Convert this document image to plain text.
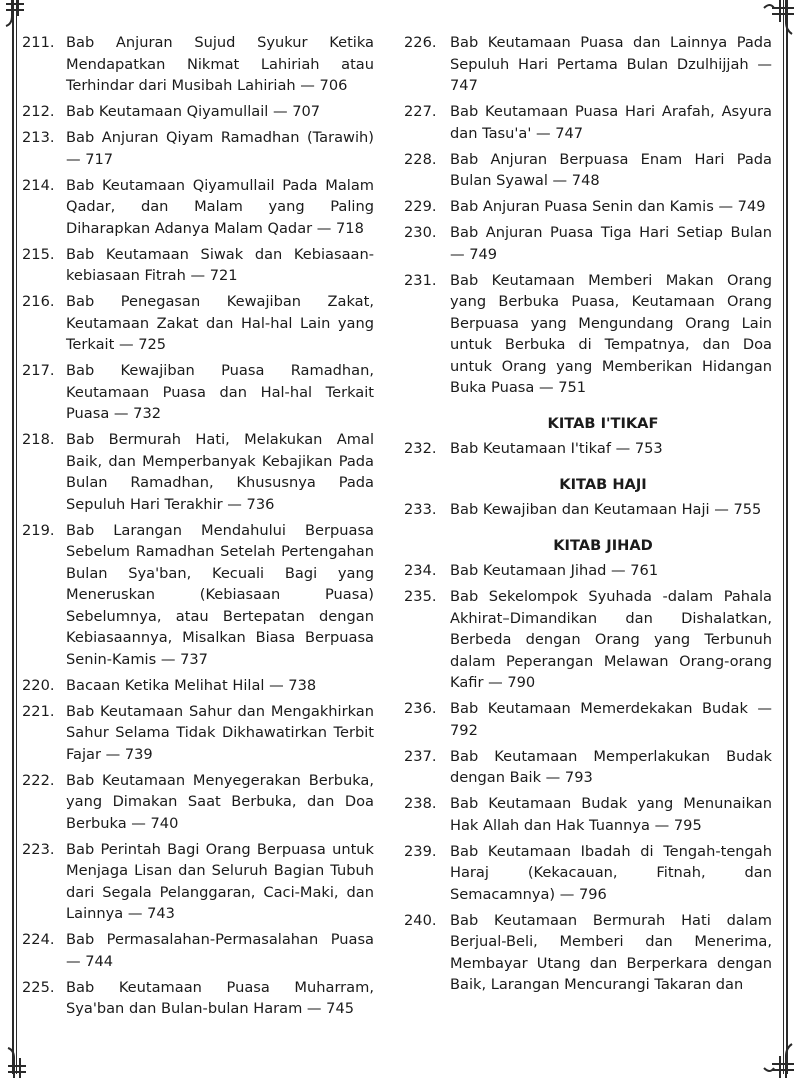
211. Bab Anjuran Sujud Syukur Ketika Mendapatkan Nikmat Lahiriah atau Terhindar dari Musibah Lahiriah — 706
212. Bab Keutamaan Qiyamullail — 707
213. Bab Anjuran Qiyam Ramadhan (Tarawih) — 717
214. Bab Keutamaan Qiyamullail Pada Malam Qadar, dan Malam yang Paling Diharapkan Adanya Malam Qadar — 718
215. Bab Keutamaan Siwak dan Kebiasaan-kebiasaan Fitrah — 721
216. Bab Penegasan Kewajiban Zakat, Keutamaan Zakat dan Hal-hal Lain yang Terkait — 725
217. Bab Kewajiban Puasa Ramadhan, Keutamaan Puasa dan Hal-hal Terkait Puasa — 732
218. Bab Bermurah Hati, Melakukan Amal Baik, dan Memperbanyak Kebajikan Pada Bulan Ramadhan, Khususnya Pada Sepuluh Hari Terakhir — 736
219. Bab Larangan Mendahului Berpuasa Sebelum Ramadhan Setelah Pertengahan Bulan Sya'ban, Kecuali Bagi yang Meneruskan (Kebiasaan Puasa) Sebelumnya, atau Bertepatan dengan Kebiasaannya, Misalkan Biasa Berpuasa Senin-Kamis — 737
220. Bacaan Ketika Melihat Hilal — 738
221. Bab Keutamaan Sahur dan Mengakhirkan Sahur Selama Tidak Dikhawatirkan Terbit Fajar — 739
222. Bab Keutamaan Menyegerakan Berbuka, yang Dimakan Saat Berbuka, dan Doa Berbuka — 740
223. Bab Perintah Bagi Orang Berpuasa untuk Menjaga Lisan dan Seluruh Bagian Tubuh dari Segala Pelanggaran, Caci-Maki, dan Lainnya — 743
224. Bab Permasalahan-Permasalahan Puasa — 744
225. Bab Keutamaan Puasa Muharram, Sya'ban dan Bulan-bulan Haram — 745
226. Bab Keutamaan Puasa dan Lainnya Pada Sepuluh Hari Pertama Bulan Dzulhijjah — 747
227. Bab Keutamaan Puasa Hari Arafah, Asyura dan Tasu'a' — 747
228. Bab Anjuran Berpuasa Enam Hari Pada Bulan Syawal — 748
229. Bab Anjuran Puasa Senin dan Kamis — 749
230. Bab Anjuran Puasa Tiga Hari Setiap Bulan — 749
231. Bab Keutamaan Memberi Makan Orang yang Berbuka Puasa, Keutamaan Orang Berpuasa yang Mengundang Orang Lain untuk Berbuka di Tempatnya, dan Doa untuk Orang yang Memberikan Hidangan Buka Puasa — 751
KITAB I'TIKAF
232. Bab Keutamaan I'tikaf — 753
KITAB HAJI
233. Bab Kewajiban dan Keutamaan Haji — 755
KITAB JIHAD
234. Bab Keutamaan Jihad — 761
235. Bab Sekelompok Syuhada -dalam Pahala Akhirat–Dimandikan dan Dishalatkan, Berbeda dengan Orang yang Terbunuh dalam Peperangan Melawan Orang-orang Kafir — 790
236. Bab Keutamaan Memerdekakan Budak — 792
237. Bab Keutamaan Memperlakukan Budak dengan Baik — 793
238. Bab Keutamaan Budak yang Menunaikan Hak Allah dan Hak Tuannya — 795
239. Bab Keutamaan Ibadah di Tengah-tengah Haraj (Kekacauan, Fitnah, dan Semacamnya) — 796
240. Bab Keutamaan Bermurah Hati dalam Berjual-Beli, Memberi dan Menerima, Membayar Utang dan Berperkara dengan Baik, Larangan Mencurangi Takaran dan
